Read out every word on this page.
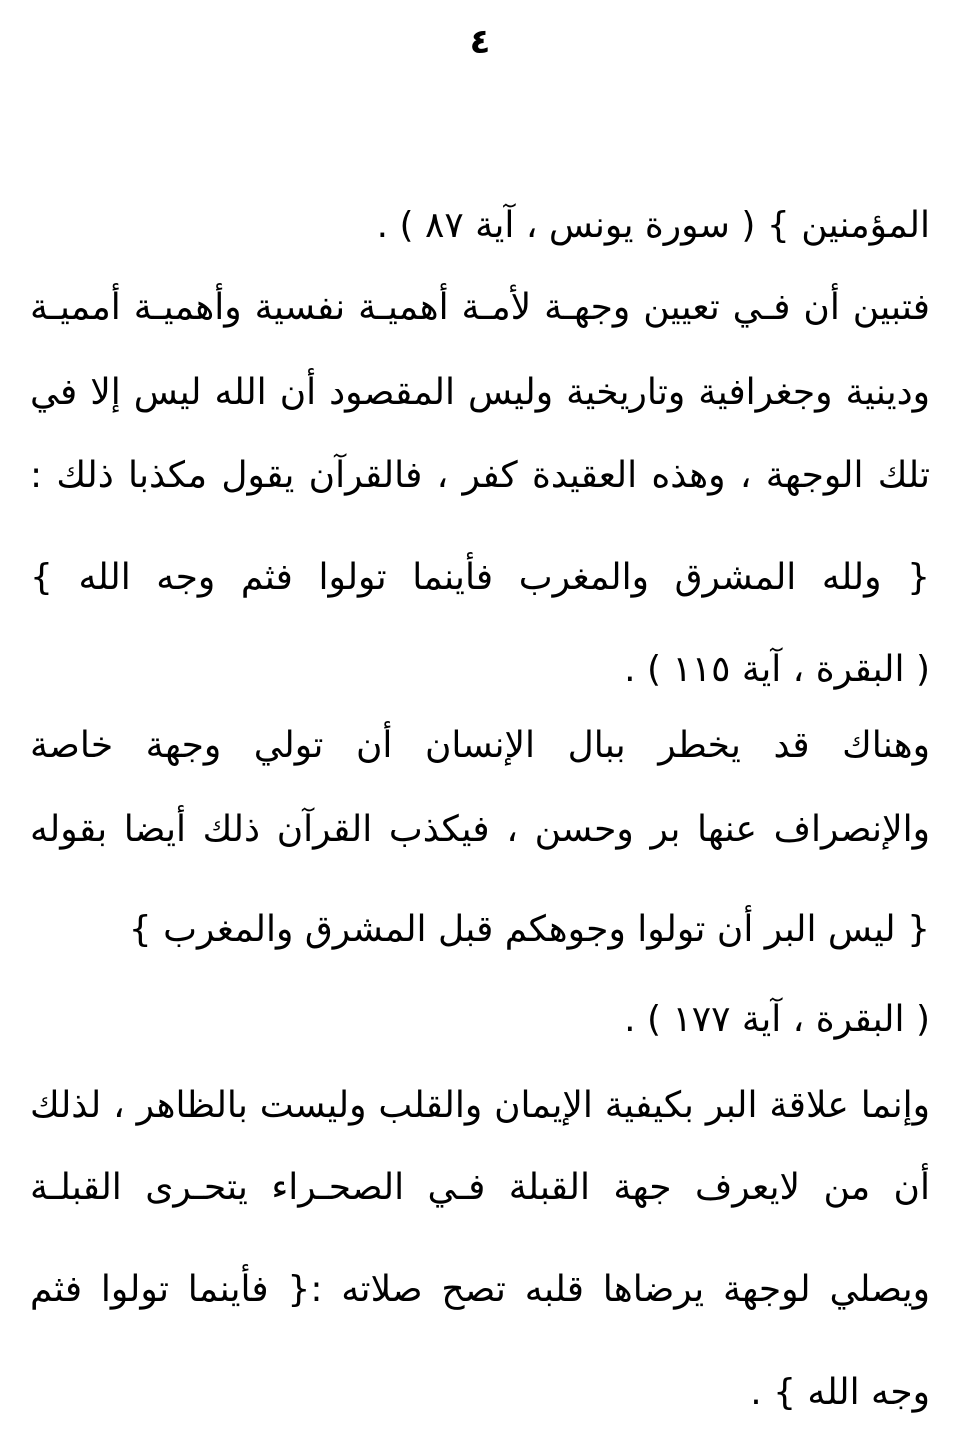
٤
المؤمنين } ( سورة يونس ، آية ٨٧ ) .
فتبين أن فـي تعيين وجهـة لأمـة أهميـة نفسية وأهميـة أمميـة
ودينية وجغرافية وتاريخية وليس المقصود أن الله ليس إلا في
تلك الوجهة ، وهذه العقيدة كفر ، فالقرآن يقول مكذبا ذلك :
{ ولله المشرق والمغرب فأينما تولوا فثم وجه الله }
( البقرة ، آية ١١٥ ) .
وهناك قد يخطر ببال الإنسان أن تولي وجهة خاصة
والإنصراف عنها بر وحسن ، فيكذب القرآن ذلك أيضا بقوله
{ ليس البر أن تولوا وجوهكم قبل المشرق والمغرب }
( البقرة ، آية ١٧٧ ) .
وإنما علاقة البر بكيفية الإيمان والقلب وليست بالظاهر ، لذلك
أن من لايعرف جهة القبلة فـي الصحـراء يتحـرى القبلـة
ويصلي لوجهة يرضاها قلبه تصح صلاته :{ فأينما تولوا فثم
وجه الله } .
